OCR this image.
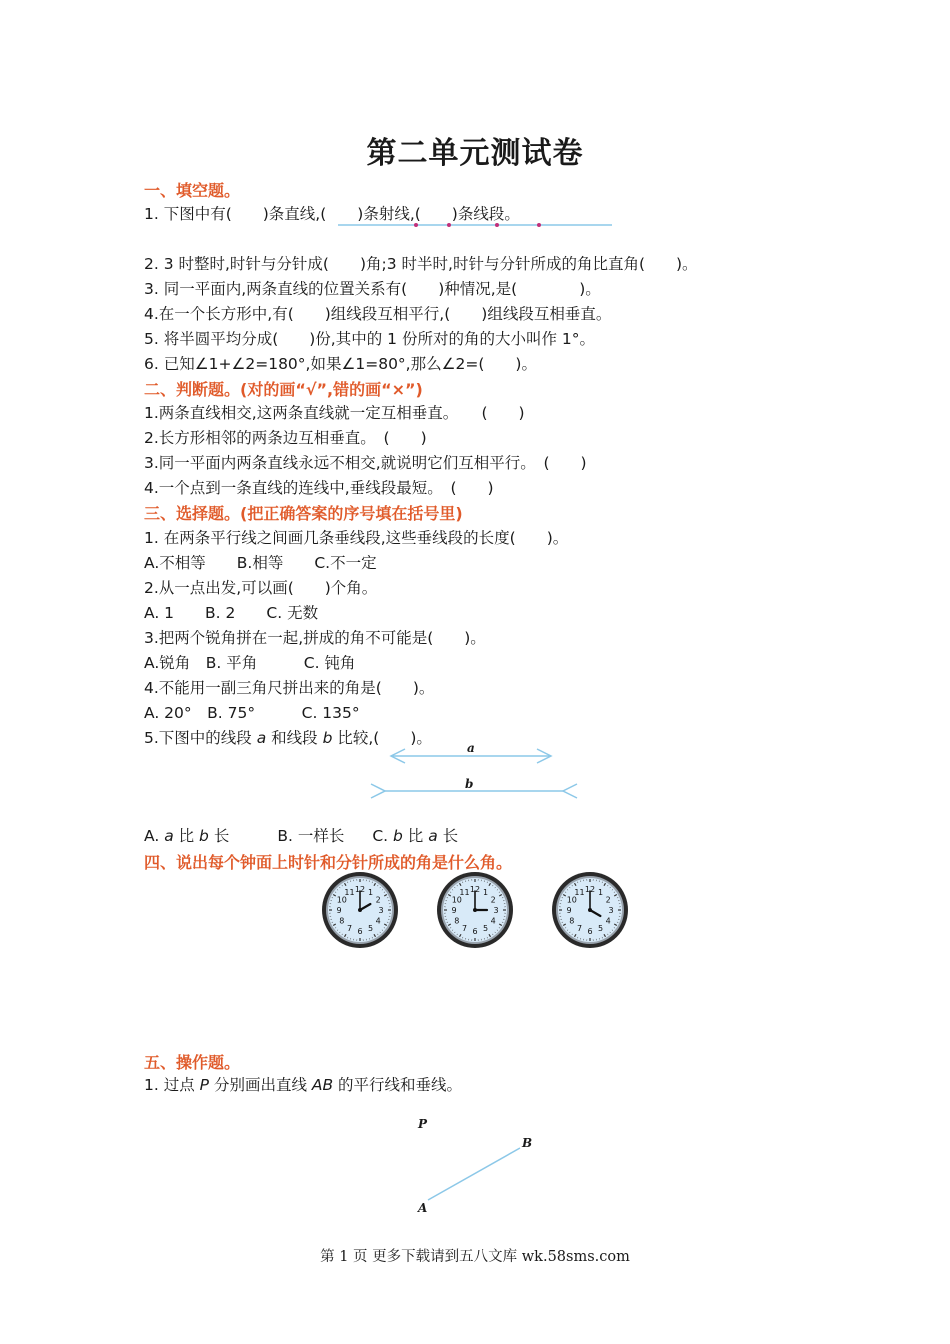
第二单元测试卷
一、填空题。
1. 下图中有(　　)条直线,(　　)条射线,(　　)条线段。
2. 3 时整时,时针与分针成(　　)角;3 时半时,时针与分针所成的角比直角(　　)。
3. 同一平面内,两条直线的位置关系有(　　)种情况,是(　　　　)。
4.在一个长方形中,有(　　)组线段互相平行,(　　)组线段互相垂直。
5. 将半圆平均分成(　　)份,其中的 1 份所对的角的大小叫作 1°。
6. 已知∠1+∠2=180°,如果∠1=80°,那么∠2=(　　)。
二、判断题。(对的画“√”,错的画“×”)
1.两条直线相交,这两条直线就一定互相垂直。　　(　　)
2.长方形相邻的两条边互相垂直。　(　　)
3.同一平面内两条直线永远不相交,就说明它们互相平行。　(　　)
4.一个点到一条直线的连线中,垂线段最短。　(　　)
三、选择题。(把正确答案的序号填在括号里)
1. 在两条平行线之间画几条垂线段,这些垂线段的长度(　　)。
A.不相等　　B.相等　　C.不一定
2.从一点出发,可以画(　　)个角。
A. 1　　B. 2　　C. 无数
3.把两个锐角拼在一起,拼成的角不可能是(　　)。
A.锐角　B. 平角　　　C. 钝角
4.不能用一副三角尺拼出来的角是(　　)。
A. 20°　B. 75°　　　C. 135°
5.下图中的线段 a 和线段 b 比较,(　　)。
a
b
A. a 比 b 长	B. 一样长 C. b 比 a 长
四、说出每个钟面上时针和分针所成的角是什么角。
12 1
2
3
4
5
6
7
8
9
10
11	12 1
2
3
4
5
6
7
8
9
10
11	12 1
2
3
4
5
6
7
8
9
10
11
五、操作题。
1. 过点 P 分别画出直线 AB 的平行线和垂线。
P
B
A
第 1 页 更多下载请到五八文库 wk.58sms.com
